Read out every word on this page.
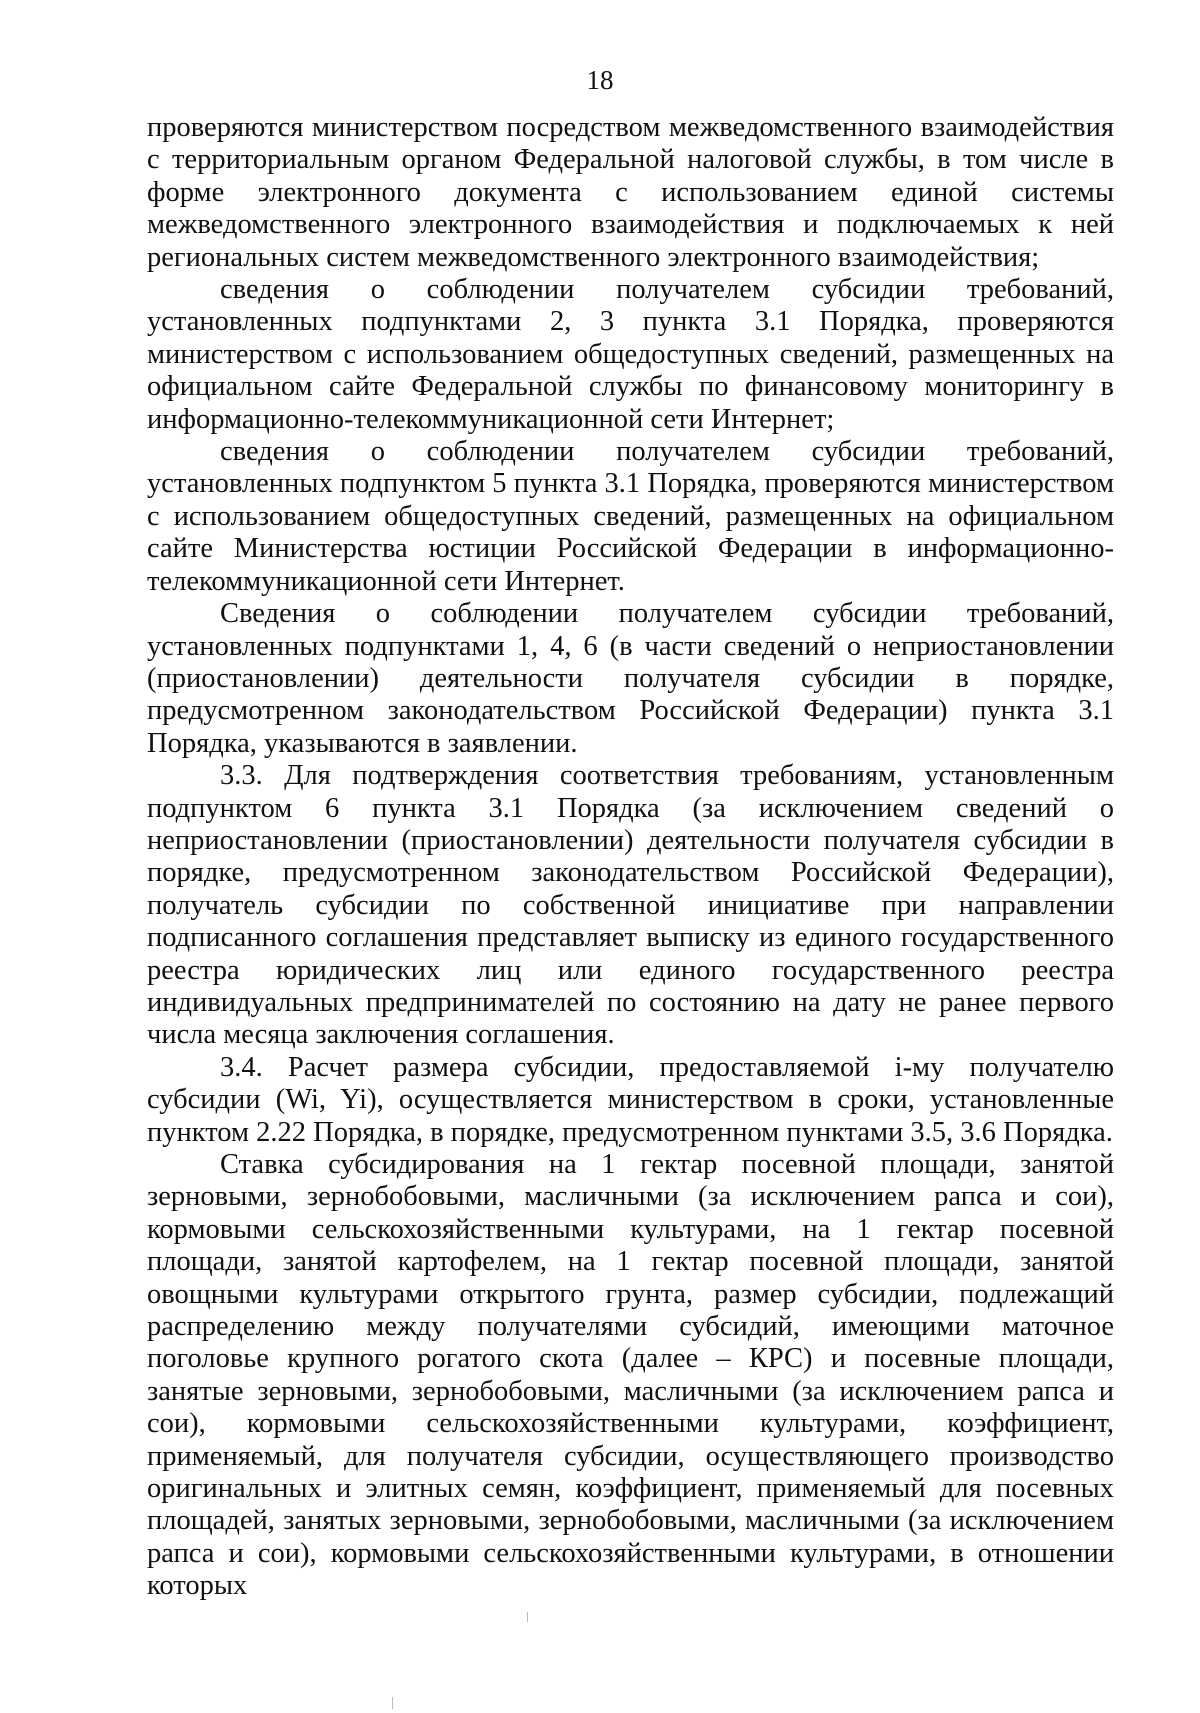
18

проверяются министерством посредством межведомственного взаимодействия с территориальным органом Федеральной налоговой службы, в том числе в форме электронного документа с использованием единой системы межведомственного электронного взаимодействия и подключаемых к ней региональных систем межведомственного электронного взаимодействия;

сведения о соблюдении получателем субсидии требований, установленных подпунктами 2, 3 пункта 3.1 Порядка, проверяются министерством с использованием общедоступных сведений, размещенных на официальном сайте Федеральной службы по финансовому мониторингу в информационно-телекоммуникационной сети Интернет;

сведения о соблюдении получателем субсидии требований, установленных подпунктом 5 пункта 3.1 Порядка, проверяются министерством с использованием общедоступных сведений, размещенных на официальном сайте Министерства юстиции Российской Федерации в информационно-телекоммуникационной сети Интернет.

Сведения о соблюдении получателем субсидии требований, установленных подпунктами 1, 4, 6 (в части сведений о неприостановлении (приостановлении) деятельности получателя субсидии в порядке, предусмотренном законодательством Российской Федерации) пункта 3.1 Порядка, указываются в заявлении.

3.3. Для подтверждения соответствия требованиям, установленным подпунктом 6 пункта 3.1 Порядка (за исключением сведений о неприостановлении (приостановлении) деятельности получателя субсидии в порядке, предусмотренном законодательством Российской Федерации), получатель субсидии по собственной инициативе при направлении подписанного соглашения представляет выписку из единого государственного реестра юридических лиц или единого государственного реестра индивидуальных предпринимателей по состоянию на дату не ранее первого числа месяца заключения соглашения.

3.4. Расчет размера субсидии, предоставляемой i-му получателю субсидии (Wi, Yi), осуществляется министерством в сроки, установленные пунктом 2.22 Порядка, в порядке, предусмотренном пунктами 3.5, 3.6 Порядка.

Ставка субсидирования на 1 гектар посевной площади, занятой зерновыми, зернобобовыми, масличными (за исключением рапса и сои), кормовыми сельскохозяйственными культурами, на 1 гектар посевной площади, занятой картофелем, на 1 гектар посевной площади, занятой овощными культурами открытого грунта, размер субсидии, подлежащий распределению между получателями субсидий, имеющими маточное поголовье крупного рогатого скота (далее – КРС) и посевные площади, занятые зерновыми, зернобобовыми, масличными (за исключением рапса и сои), кормовыми сельскохозяйственными культурами, коэффициент, применяемый, для получателя субсидии, осуществляющего производство оригинальных и элитных семян, коэффициент, применяемый для посевных площадей, занятых зерновыми, зернобобовыми, масличными (за исключением рапса и сои), кормовыми сельскохозяйственными культурами, в отношении которых
